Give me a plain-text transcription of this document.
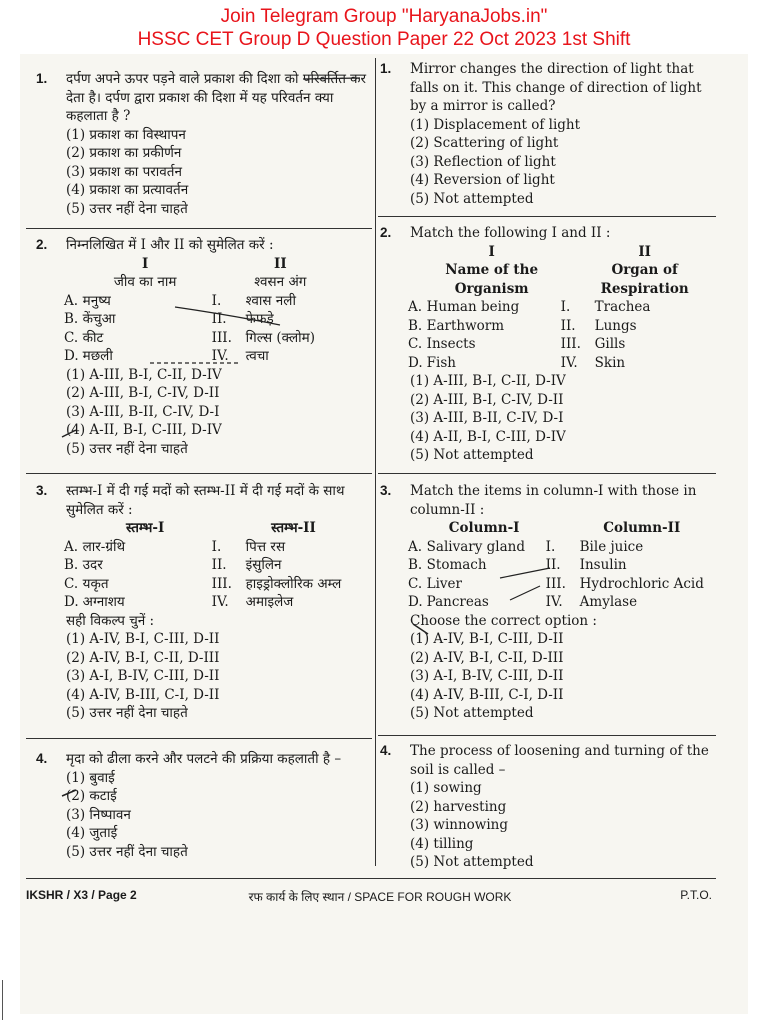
Join Telegram Group "HaryanaJobs.in"
HSSC CET Group D Question Paper 22 Oct 2023 1st Shift
1.	दर्पण अपने ऊपर पड़ने वाले प्रकाश की दिशा को परिवर्तित कर देता है। दर्पण द्वारा प्रकाश की दिशा में यह परिवर्तन क्या कहलाता है ?
(1) प्रकाश का विस्थापन
(2) प्रकाश का प्रकीर्णन
(3) प्रकाश का परावर्तन
(4) प्रकाश का प्रत्यावर्तन
(5) उत्तर नहीं देना चाहते
2.	निम्नलिखित में I और II को सुमेलित करें :
	I		II
	जीव का नाम		श्वसन अंग
A.	मनुष्य	I.	श्वास नली
B.	केंचुआ	II.	फेफड़े
C.	कीट	III.	गिल्स (क्लोम)
D.	मछली	IV.	त्वचा
(1) A-III, B-I, C-II, D-IV
(2) A-III, B-I, C-IV, D-II
(3) A-III, B-II, C-IV, D-I
(4) A-II, B-I, C-III, D-IV
(5) उत्तर नहीं देना चाहते
3.	स्तम्भ-I में दी गई मदों को स्तम्भ-II में दी गई मदों के साथ सुमेलित करें :
	स्तम्भ-I		स्तम्भ-II
A.	लार-ग्रंथि	I.	पित्त रस
B.	उदर	II.	इंसुलिन
C.	यकृत	III.	हाइड्रोक्लोरिक अम्ल
D.	अग्नाशय	IV.	अमाइलेज
सही विकल्प चुनें :
(1) A-IV, B-I, C-III, D-II
(2) A-IV, B-I, C-II, D-III
(3) A-I, B-IV, C-III, D-II
(4) A-IV, B-III, C-I, D-II
(5) उत्तर नहीं देना चाहते
4.	मृदा को ढीला करने और पलटने की प्रक्रिया कहलाती है –
(1) बुवाई
(2) कटाई
(3) निष्पावन
(4) जुताई
(5) उत्तर नहीं देना चाहते
1.	Mirror changes the direction of light that falls on it. This change of direction of light by a mirror is called?
(1) Displacement of light
(2) Scattering of light
(3) Reflection of light
(4) Reversion of light
(5) Not attempted
2.	Match the following I and II :
	I		II
	Name of the Organism		Organ of Respiration
A.	Human being	I.	Trachea
B.	Earthworm	II.	Lungs
C.	Insects	III.	Gills
D.	Fish	IV.	Skin
(1) A-III, B-I, C-II, D-IV
(2) A-III, B-I, C-IV, D-II
(3) A-III, B-II, C-IV, D-I
(4) A-II, B-I, C-III, D-IV
(5) Not attempted
3.	Match the items in column-I with those in column-II :
	Column-I		Column-II
A.	Salivary gland	I.	Bile juice
B.	Stomach	II.	Insulin
C.	Liver	III.	Hydrochloric Acid
D.	Pancreas	IV.	Amylase
Choose the correct option :
(1) A-IV, B-I, C-III, D-II
(2) A-IV, B-I, C-II, D-III
(3) A-I, B-IV, C-III, D-II
(4) A-IV, B-III, C-I, D-II
(5) Not attempted
4.	The process of loosening and turning of the soil is called –
(1) sowing
(2) harvesting
(3) winnowing
(4) tilling
(5) Not attempted
IKSHR / X3 / Page 2	रफ कार्य के लिए स्थान / SPACE FOR ROUGH WORK	P.T.O.
